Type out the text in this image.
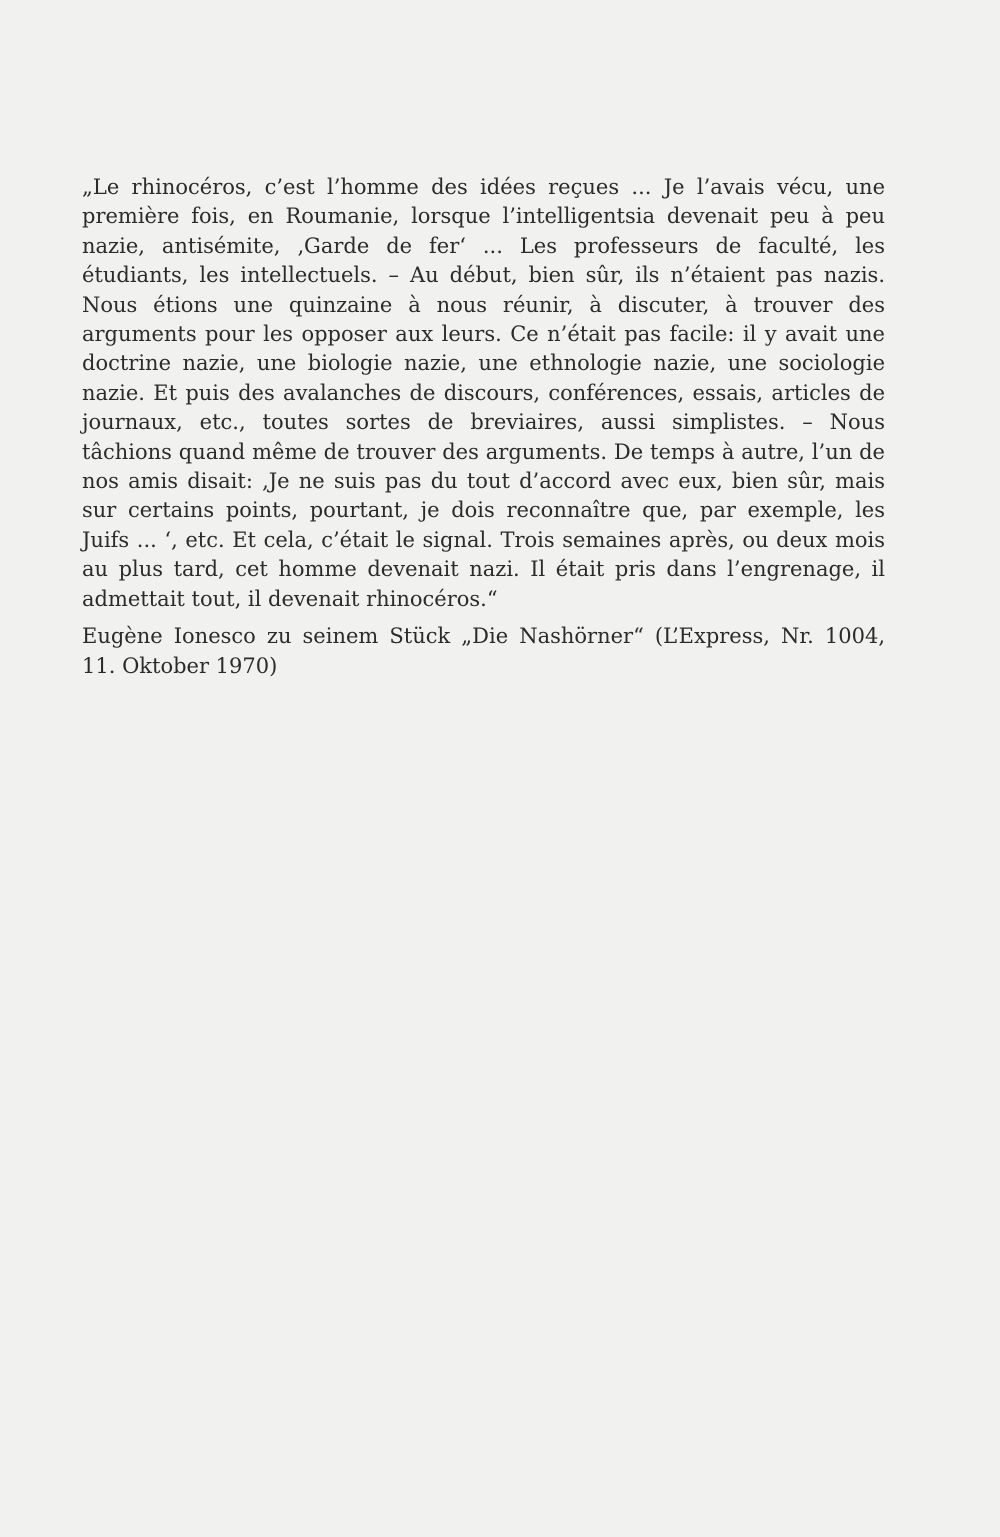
„Le rhinocéros, c’est l’homme des idées reçues ... Je l’avais vécu, une première fois, en Roumanie, lorsque l’intelligentsia devenait peu à peu nazie, antisémite, ‚Garde de fer‘ ... Les professeurs de faculté, les étudiants, les intellectuels. – Au début, bien sûr, ils n’étaient pas nazis. Nous étions une quinzaine à nous réunir, à discuter, à trouver des arguments pour les opposer aux leurs. Ce n’était pas facile: il y avait une doctrine nazie, une biologie nazie, une ethnologie nazie, une sociologie nazie. Et puis des avalanches de discours, conférences, essais, articles de journaux, etc., toutes sortes de breviaires, aussi simplistes. – Nous tâchions quand même de trouver des arguments. De temps à autre, l’un de nos amis disait: ‚Je ne suis pas du tout d’accord avec eux, bien sûr, mais sur certains points, pourtant, je dois reconnaître que, par exemple, les Juifs ... ‘, etc. Et cela, c’était le signal. Trois semaines après, ou deux mois au plus tard, cet homme devenait nazi. Il était pris dans l’engrenage, il admettait tout, il devenait rhinocéros.“

Eugène Ionesco zu seinem Stück „Die Nashörner“ (L’Express, Nr. 1004, 11. Oktober 1970)
